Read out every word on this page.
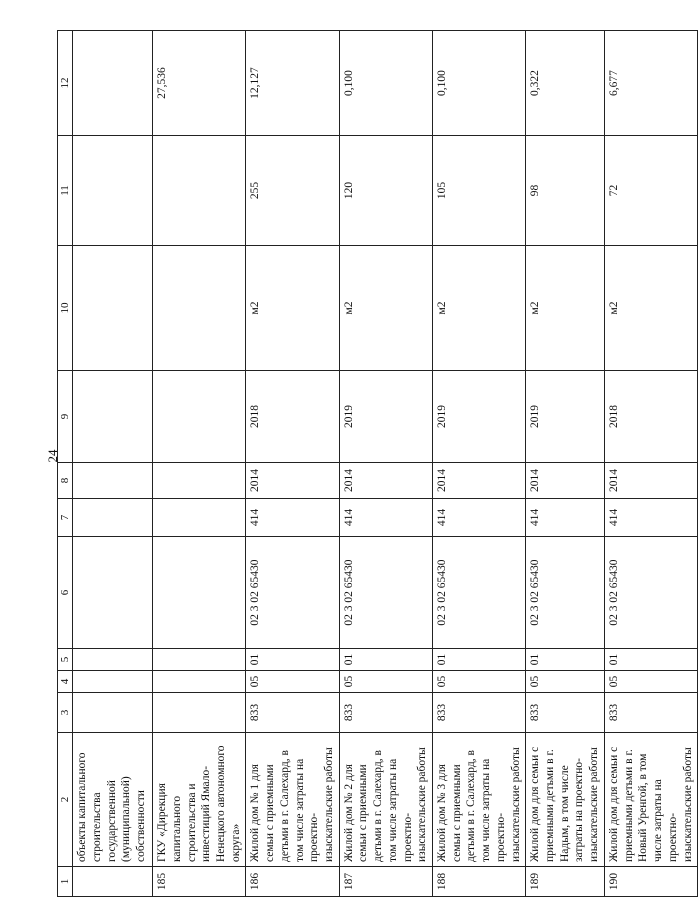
24
1	2	3	4	5	6	7	8	9	10	11	12
	объекты капитального строительства государственной (муниципальной) собственности										
185	ГКУ «Дирекция капитального строительства и инвестиций Ямало-Ненецкого автономного округа»										27,536
186	Жилой дом № 1 для семьи с приемными детьми в г. Салехард, в том числе затраты на проектно-изыскательские работы	833	05	01	02 3 02 65430	414	2014	2018	м2	255	12,127
187	Жилой дом № 2 для семьи с приемными детьми в г. Салехард, в том числе затраты на проектно-изыскательские работы	833	05	01	02 3 02 65430	414	2014	2019	м2	120	0,100
188	Жилой дом № 3 для семьи с приемными детьми в г. Салехард, в том числе затраты на проектно-изыскательские работы	833	05	01	02 3 02 65430	414	2014	2019	м2	105	0,100
189	Жилой дом для семьи с приемными детьми в г. Надым, в том числе затраты на проектно-изыскательские работы	833	05	01	02 3 02 65430	414	2014	2019	м2	98	0,322
190	Жилой дом для семьи с приемными детьми в г. Новый Уренгой, в том числе затраты на проектно-изыскательские работы	833	05	01	02 3 02 65430	414	2014	2018	м2	72	6,677
